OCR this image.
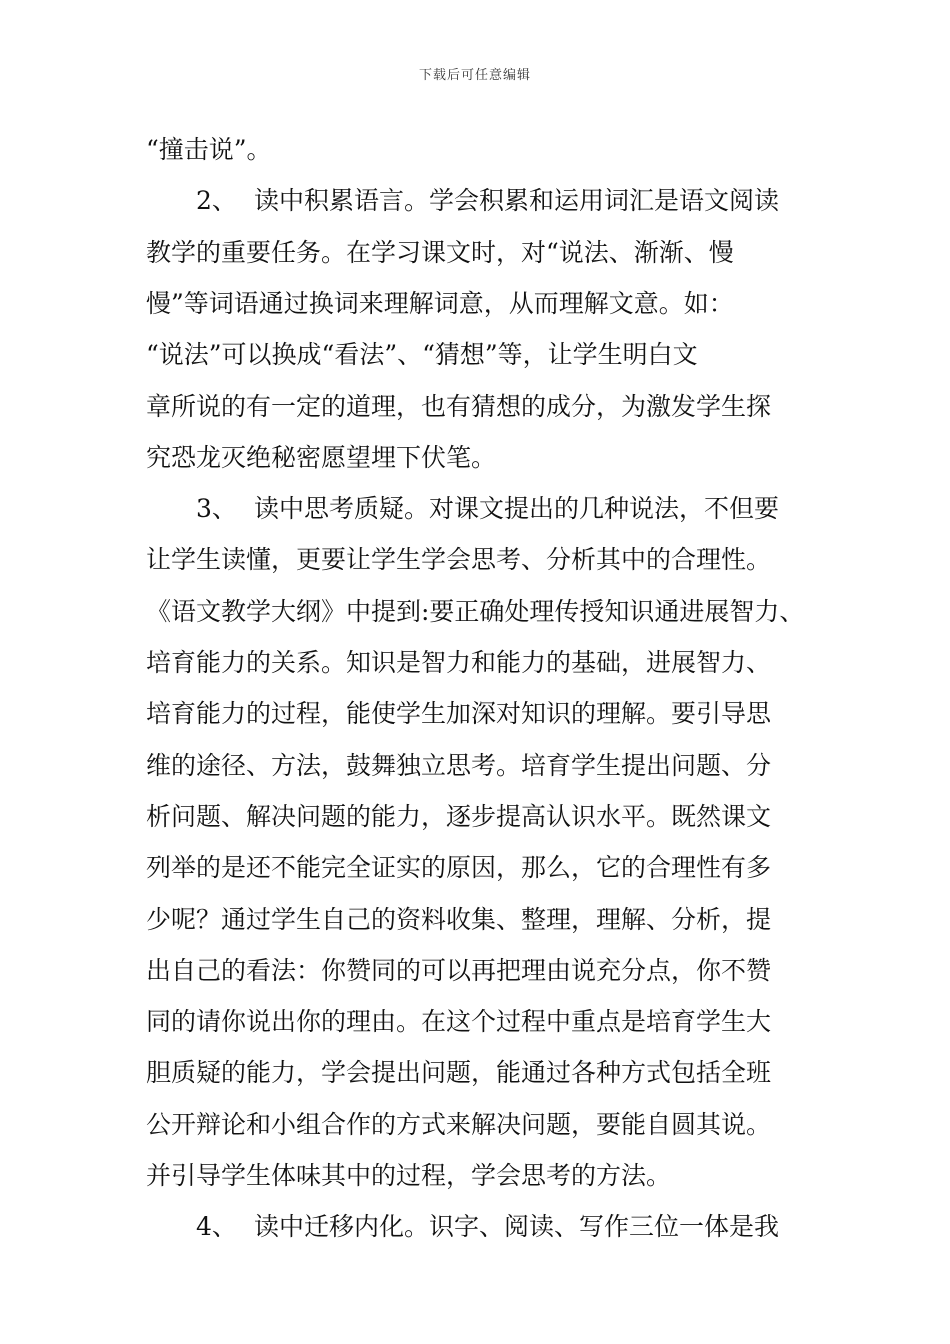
下载后可任意编辑
“撞击说”。
2、 读中积累语言。学会积累和运用词汇是语文阅读
教学的重要任务。在学习课文时，对“说法、渐渐、慢
慢”等词语通过换词来理解词意，从而理解文意。如：
“说法”可以换成“看法”、“猜想”等，让学生明白文
章所说的有一定的道理，也有猜想的成分，为激发学生探
究恐龙灭绝秘密愿望埋下伏笔。
3、 读中思考质疑。对课文提出的几种说法，不但要
让学生读懂，更要让学生学会思考、分析其中的合理性。
《语文教学大纲》中提到:要正确处理传授知识通进展智力、
培育能力的关系。知识是智力和能力的基础，进展智力、
培育能力的过程，能使学生加深对知识的理解。要引导思
维的途径、方法，鼓舞独立思考。培育学生提出问题、分
析问题、解决问题的能力，逐步提高认识水平。既然课文
列举的是还不能完全证实的原因，那么，它的合理性有多
少呢？通过学生自己的资料收集、整理，理解、分析，提
出自己的看法：你赞同的可以再把理由说充分点，你不赞
同的请你说出你的理由。在这个过程中重点是培育学生大
胆质疑的能力，学会提出问题，能通过各种方式包括全班
公开辩论和小组合作的方式来解决问题，要能自圆其说。
并引导学生体味其中的过程，学会思考的方法。
4、 读中迁移内化。识字、阅读、写作三位一体是我
